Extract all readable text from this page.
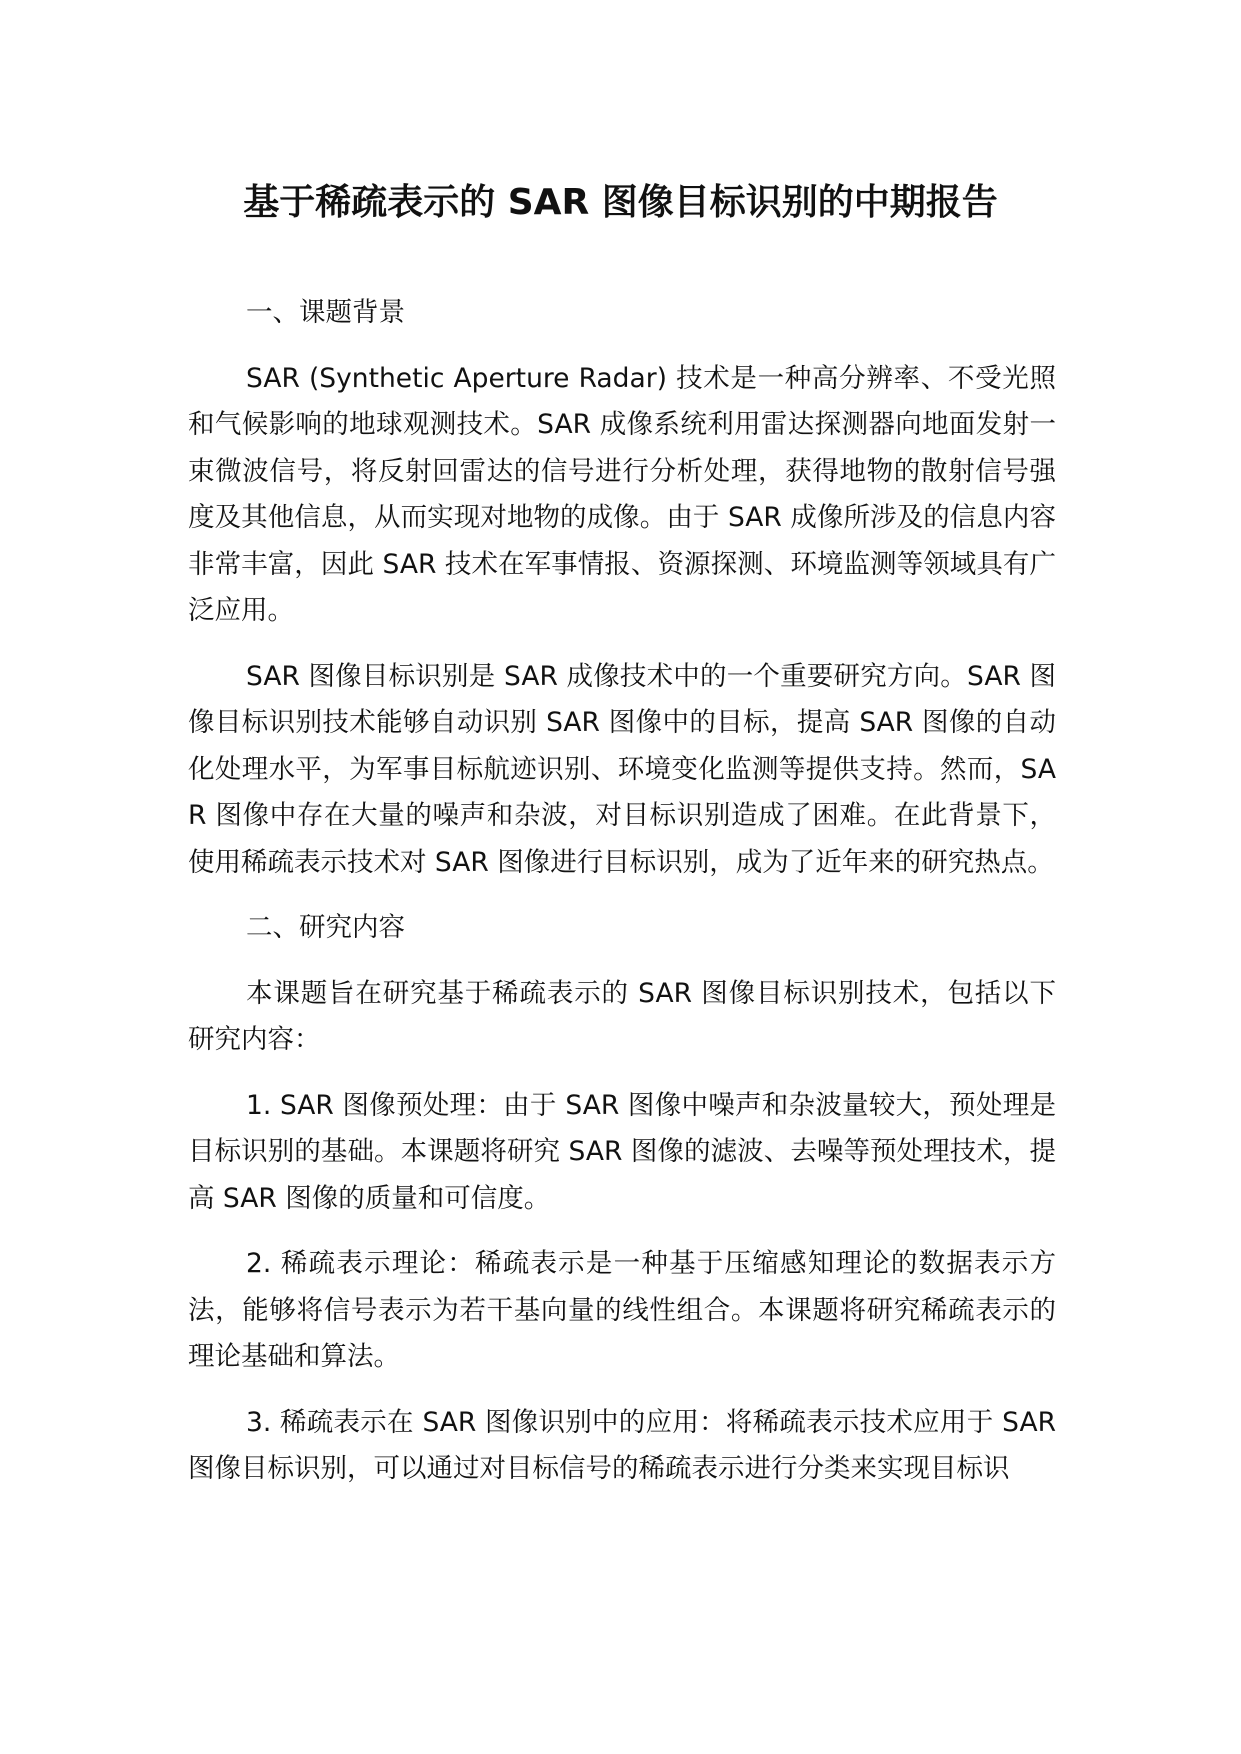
基于稀疏表示的 SAR 图像目标识别的中期报告

一、课题背景

SAR (Synthetic Aperture Radar) 技术是一种高分辨率、不受光照和气候影响的地球观测技术。SAR 成像系统利用雷达探测器向地面发射一束微波信号，将反射回雷达的信号进行分析处理，获得地物的散射信号强度及其他信息，从而实现对地物的成像。由于 SAR 成像所涉及的信息内容非常丰富，因此 SAR 技术在军事情报、资源探测、环境监测等领域具有广泛应用。

SAR 图像目标识别是 SAR 成像技术中的一个重要研究方向。SAR 图像目标识别技术能够自动识别 SAR 图像中的目标，提高 SAR 图像的自动化处理水平，为军事目标航迹识别、环境变化监测等提供支持。然而，SAR 图像中存在大量的噪声和杂波，对目标识别造成了困难。在此背景下，使用稀疏表示技术对 SAR 图像进行目标识别，成为了近年来的研究热点。

二、研究内容

本课题旨在研究基于稀疏表示的 SAR 图像目标识别技术，包括以下研究内容：

1. SAR 图像预处理：由于 SAR 图像中噪声和杂波量较大，预处理是目标识别的基础。本课题将研究 SAR 图像的滤波、去噪等预处理技术，提高 SAR 图像的质量和可信度。

2. 稀疏表示理论：稀疏表示是一种基于压缩感知理论的数据表示方法，能够将信号表示为若干基向量的线性组合。本课题将研究稀疏表示的理论基础和算法。

3. 稀疏表示在 SAR 图像识别中的应用：将稀疏表示技术应用于 SAR 图像目标识别，可以通过对目标信号的稀疏表示进行分类来实现目标识
